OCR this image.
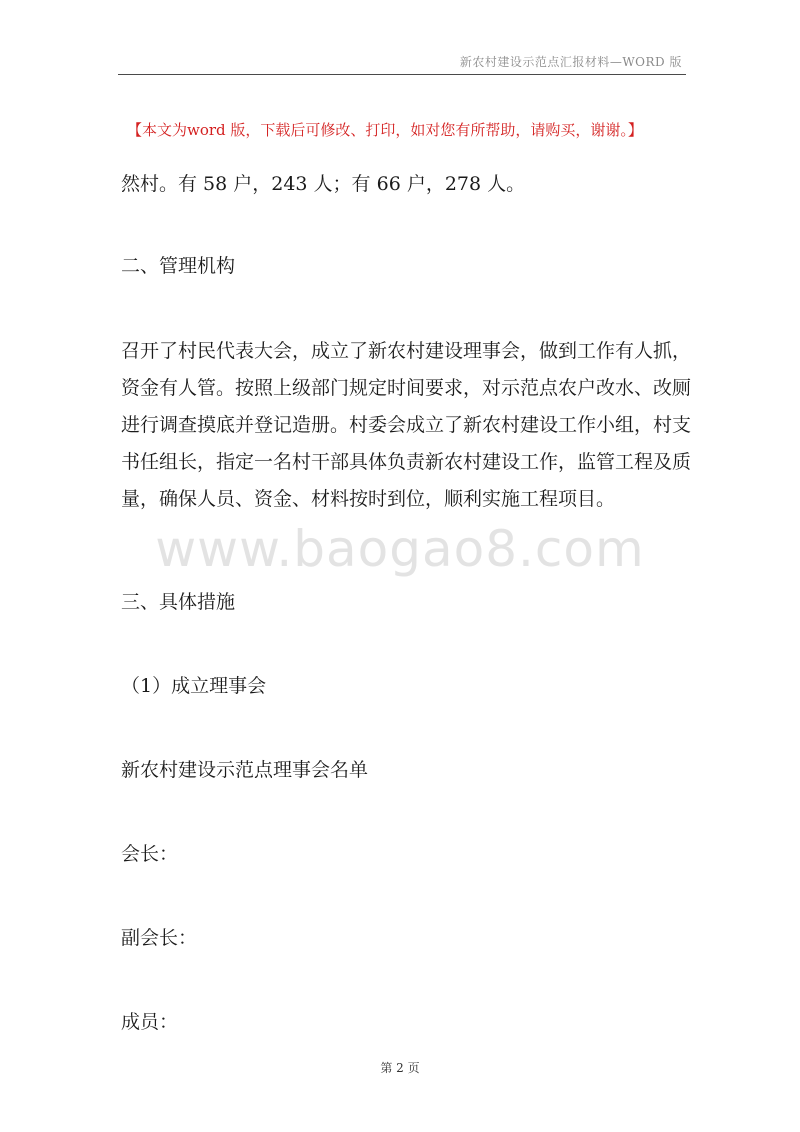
新农村建设示范点汇报材料—WORD 版
【本文为word 版，下载后可修改、打印，如对您有所帮助，请购买，谢谢。】
然村。有 58 户，243 人；有 66 户，278 人。
二、管理机构
召开了村民代表大会，成立了新农村建设理事会，做到工作有人抓，
资金有人管。按照上级部门规定时间要求，对示范点农户改水、改厕
进行调查摸底并登记造册。村委会成立了新农村建设工作小组，村支
书任组长，指定一名村干部具体负责新农村建设工作，监管工程及质
量，确保人员、资金、材料按时到位，顺利实施工程项目。
www.baogao8.com
三、具体措施
（1）成立理事会
新农村建设示范点理事会名单
会长：
副会长：
成员：
第 2 页
